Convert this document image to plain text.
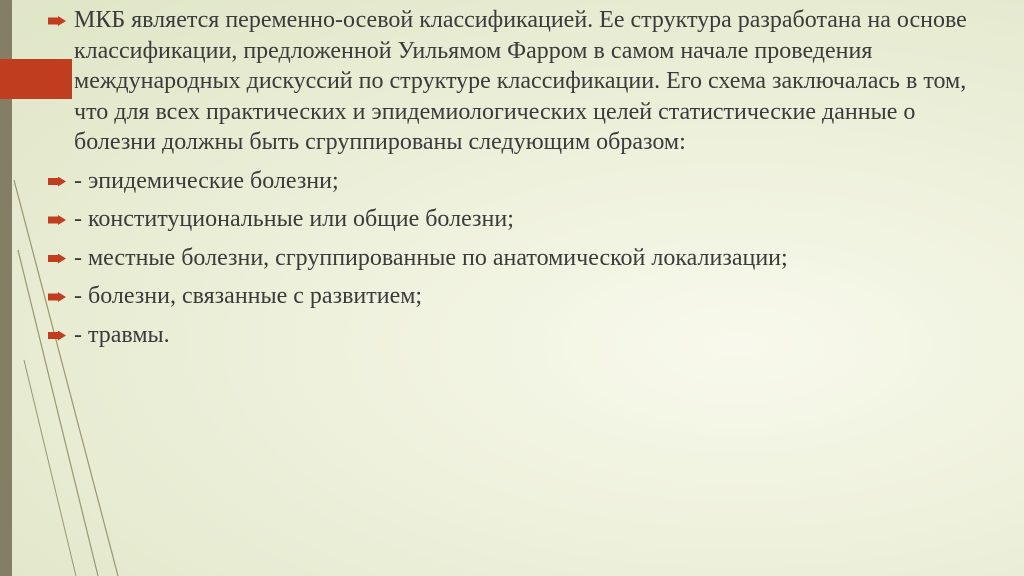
МКБ является переменно-осевой классификацией. Ее структура разработана на основе классификации, предложенной Уильямом Фарром в самом начале проведения международных дискуссий по структуре классификации. Его схема заключалась в том, что для всех практических и эпидемиологических целей статистические данные о болезни должны быть сгруппированы следующим образом:
- эпидемические болезни;
- конституциональные или общие болезни;
- местные болезни, сгруппированные по анатомической локализации;
- болезни, связанные с развитием;
- травмы.
